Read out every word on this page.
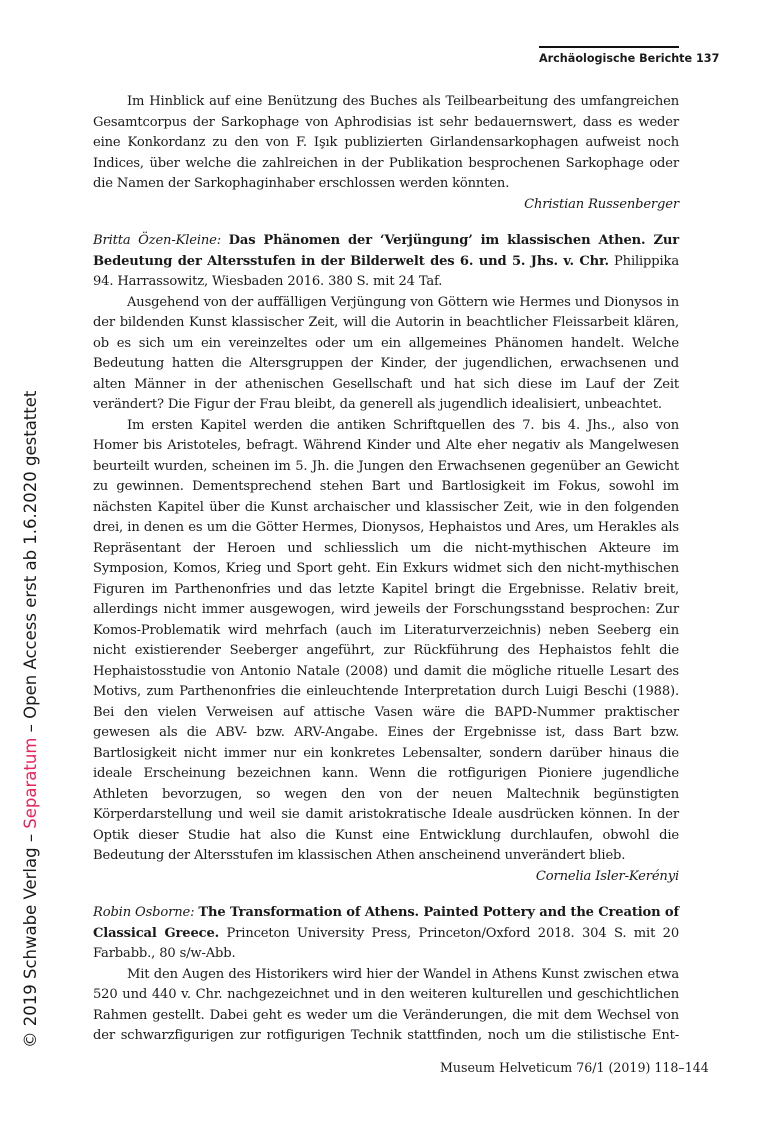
Archäologische Berichte 137
© 2019 Schwabe Verlag – Separatum – Open Access erst ab 1.6.2020 gestattet

Im Hinblick auf eine Benützung des Buches als Teilbearbeitung des umfangreichen Gesamtcorpus der Sarkophage von Aphrodisias ist sehr bedauernswert, dass es weder eine Konkordanz zu den von F. Işık publizierten Girlandensarkophagen aufweist noch Indices, über welche die zahlreichen in der Publikation besprochenen Sarkophage oder die Namen der Sarkophaginhaber erschlossen werden könnten.

Christian Russenberger

Britta Özen-Kleine: Das Phänomen der ‘Verjüngung’ im klassischen Athen. Zur Bedeutung der Altersstufen in der Bilderwelt des 6. und 5. Jhs. v. Chr. Philippika 94. Harrassowitz, Wiesbaden 2016. 380 S. mit 24 Taf.

Ausgehend von der auffälligen Verjüngung von Göttern wie Hermes und Dionysos in der bildenden Kunst klassischer Zeit, will die Autorin in beachtlicher Fleissarbeit klären, ob es sich um ein vereinzeltes oder um ein allgemeines Phänomen handelt. Welche Bedeutung hatten die Altersgruppen der Kinder, der jugendlichen, erwachsenen und alten Männer in der athenischen Gesellschaft und hat sich diese im Lauf der Zeit verändert? Die Figur der Frau bleibt, da generell als jugendlich idealisiert, unbeachtet.

Im ersten Kapitel werden die antiken Schriftquellen des 7. bis 4. Jhs., also von Homer bis Aristoteles, befragt. Während Kinder und Alte eher negativ als Mangelwesen beurteilt wurden, scheinen im 5. Jh. die Jungen den Erwachsenen gegenüber an Gewicht zu gewinnen. Dementsprechend stehen Bart und Bartlosigkeit im Fokus, sowohl im nächsten Kapitel über die Kunst archaischer und klassischer Zeit, wie in den folgenden drei, in denen es um die Götter Hermes, Dionysos, Hephaistos und Ares, um Herakles als Repräsentant der Heroen und schliesslich um die nicht-mythischen Akteure im Symposion, Komos, Krieg und Sport geht. Ein Exkurs widmet sich den nicht-mythischen Figuren im Parthenonfries und das letzte Kapitel bringt die Ergebnisse. Relativ breit, allerdings nicht immer ausgewogen, wird jeweils der Forschungsstand besprochen: Zur Komos-Problematik wird mehrfach (auch im Literaturverzeichnis) neben Seeberg ein nicht existierender Seeberger angeführt, zur Rückführung des Hephaistos fehlt die Hephaistosstudie von Antonio Natale (2008) und damit die mögliche rituelle Lesart des Motivs, zum Parthenonfries die einleuchtende Interpretation durch Luigi Beschi (1988). Bei den vielen Verweisen auf attische Vasen wäre die BAPD-Nummer praktischer gewesen als die ABV- bzw. ARV-Angabe. Eines der Ergebnisse ist, dass Bart bzw. Bartlosigkeit nicht immer nur ein konkretes Lebensalter, sondern darüber hinaus die ideale Erscheinung bezeichnen kann. Wenn die rotfigurigen Pioniere jugendliche Athleten bevorzugen, so wegen den von der neuen Maltechnik begünstigten Körperdarstellung und weil sie damit aristokratische Ideale ausdrücken können. In der Optik dieser Studie hat also die Kunst eine Entwicklung durchlaufen, obwohl die Bedeutung der Altersstufen im klassischen Athen anscheinend unverändert blieb.

Cornelia Isler-Kerényi

Robin Osborne: The Transformation of Athens. Painted Pottery and the Creation of Classical Greece. Princeton University Press, Princeton/Oxford 2018. 304 S. mit 20 Farbabb., 80 s/w-Abb.

Mit den Augen des Historikers wird hier der Wandel in Athens Kunst zwischen etwa 520 und 440 v. Chr. nachgezeichnet und in den weiteren kulturellen und geschichtlichen Rahmen gestellt. Dabei geht es weder um die Veränderungen, die mit dem Wechsel von der schwarzfigurigen zur rotfigurigen Technik stattfinden, noch um die stilistische Ent-

Museum Helveticum 76/1 (2019) 118–144
